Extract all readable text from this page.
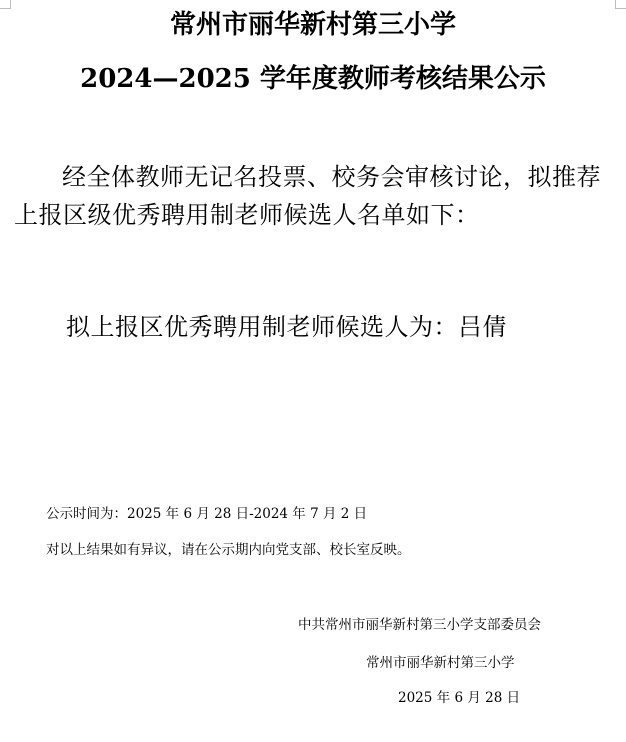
常州市丽华新村第三小学
2024—2025 学年度教师考核结果公示
经全体教师无记名投票、校务会审核讨论，拟推荐上报区级优秀聘用制老师候选人名单如下：
拟上报区优秀聘用制老师候选人为：吕倩
公示时间为：2025 年 6 月 28 日-2024 年 7 月 2 日
对以上结果如有异议，请在公示期内向党支部、校长室反映。
中共常州市丽华新村第三小学支部委员会
常州市丽华新村第三小学
2025 年 6 月 28 日
